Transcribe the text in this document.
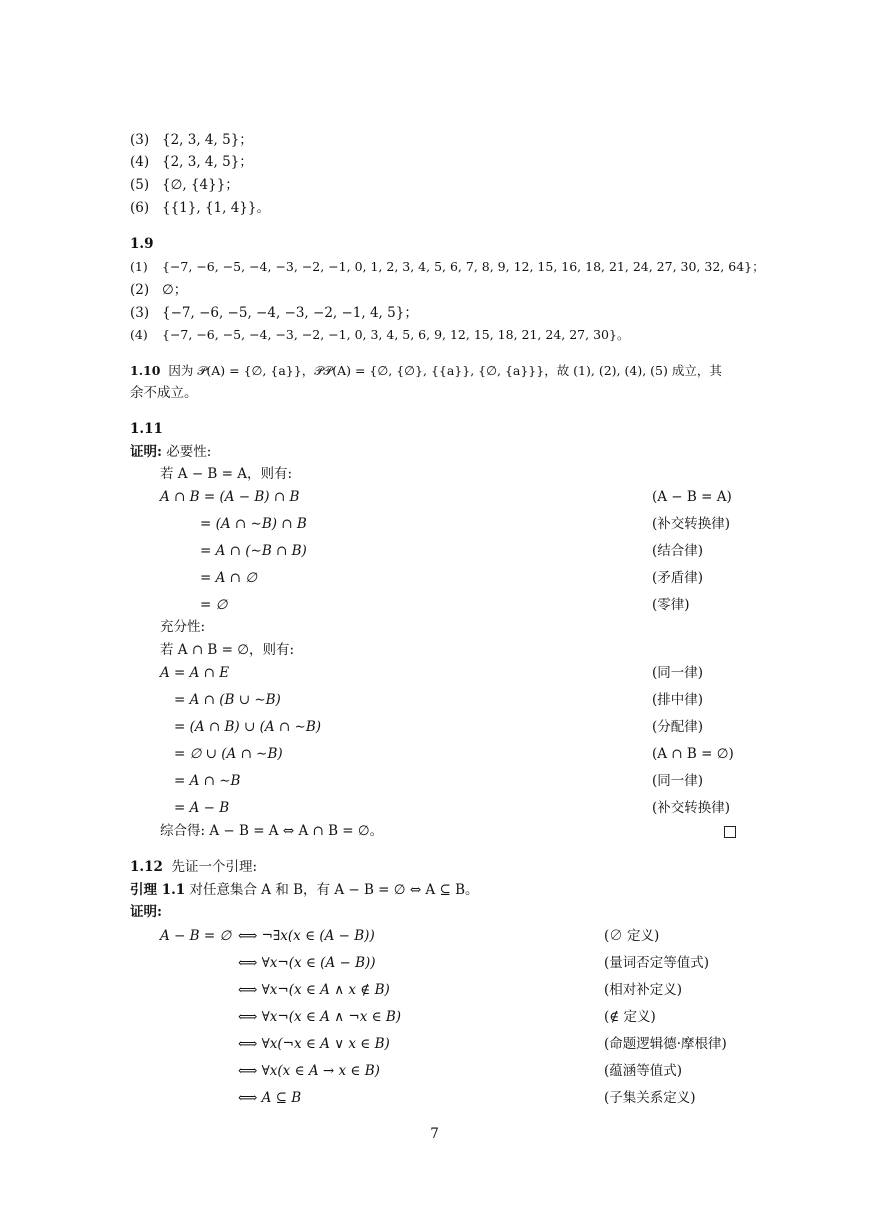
(3) {2, 3, 4, 5}；
(4) {2, 3, 4, 5}；
(5) {∅, {4}}；
(6) {{1}, {1, 4}}。
1.9
(1) {−7, −6, −5, −4, −3, −2, −1, 0, 1, 2, 3, 4, 5, 6, 7, 8, 9, 12, 15, 16, 18, 21, 24, 27, 30, 32, 64}；
(2) ∅；
(3) {−7, −6, −5, −4, −3, −2, −1, 4, 5}；
(4) {−7, −6, −5, −4, −3, −2, −1, 0, 3, 4, 5, 6, 9, 12, 15, 18, 21, 24, 27, 30}。
1.10 因为 𝒫(A) = {∅, {a}}，𝒫𝒫(A) = {∅, {∅}, {{a}}, {∅, {a}}}，故 (1), (2), (4), (5) 成立，其
余不成立。
1.11
证明: 必要性:
若 A − B = A，则有:
A ∩ B = (A − B) ∩ B	(A − B = A)
= (A ∩ ∼B) ∩ B	(补交转换律)
= A ∩ (∼B ∩ B)	(结合律)
= A ∩ ∅	(矛盾律)
= ∅	(零律)
充分性:
若 A ∩ B = ∅，则有:
A = A ∩ E	(同一律)
= A ∩ (B ∪ ∼B)	(排中律)
= (A ∩ B) ∪ (A ∩ ∼B)	(分配律)
= ∅ ∪ (A ∩ ∼B)	(A ∩ B = ∅)
= A ∩ ∼B	(同一律)
= A − B	(补交转换律)
综合得: A − B = A ⇔ A ∩ B = ∅。
1.12 先证一个引理:
引理 1.1 对任意集合 A 和 B，有 A − B = ∅ ⇔ A ⊆ B。
证明:
A − B = ∅ ⟺ ¬∃x(x ∈ (A − B))	(∅ 定义)
⟺ ∀x¬(x ∈ (A − B))	(量词否定等值式)
⟺ ∀x¬(x ∈ A ∧ x ∉ B)	(相对补定义)
⟺ ∀x¬(x ∈ A ∧ ¬x ∈ B)	(∉ 定义)
⟺ ∀x(¬x ∈ A ∨ x ∈ B)	(命题逻辑德·摩根律)
⟺ ∀x(x ∈ A → x ∈ B)	(蕴涵等值式)
⟺ A ⊆ B	(子集关系定义)
7
